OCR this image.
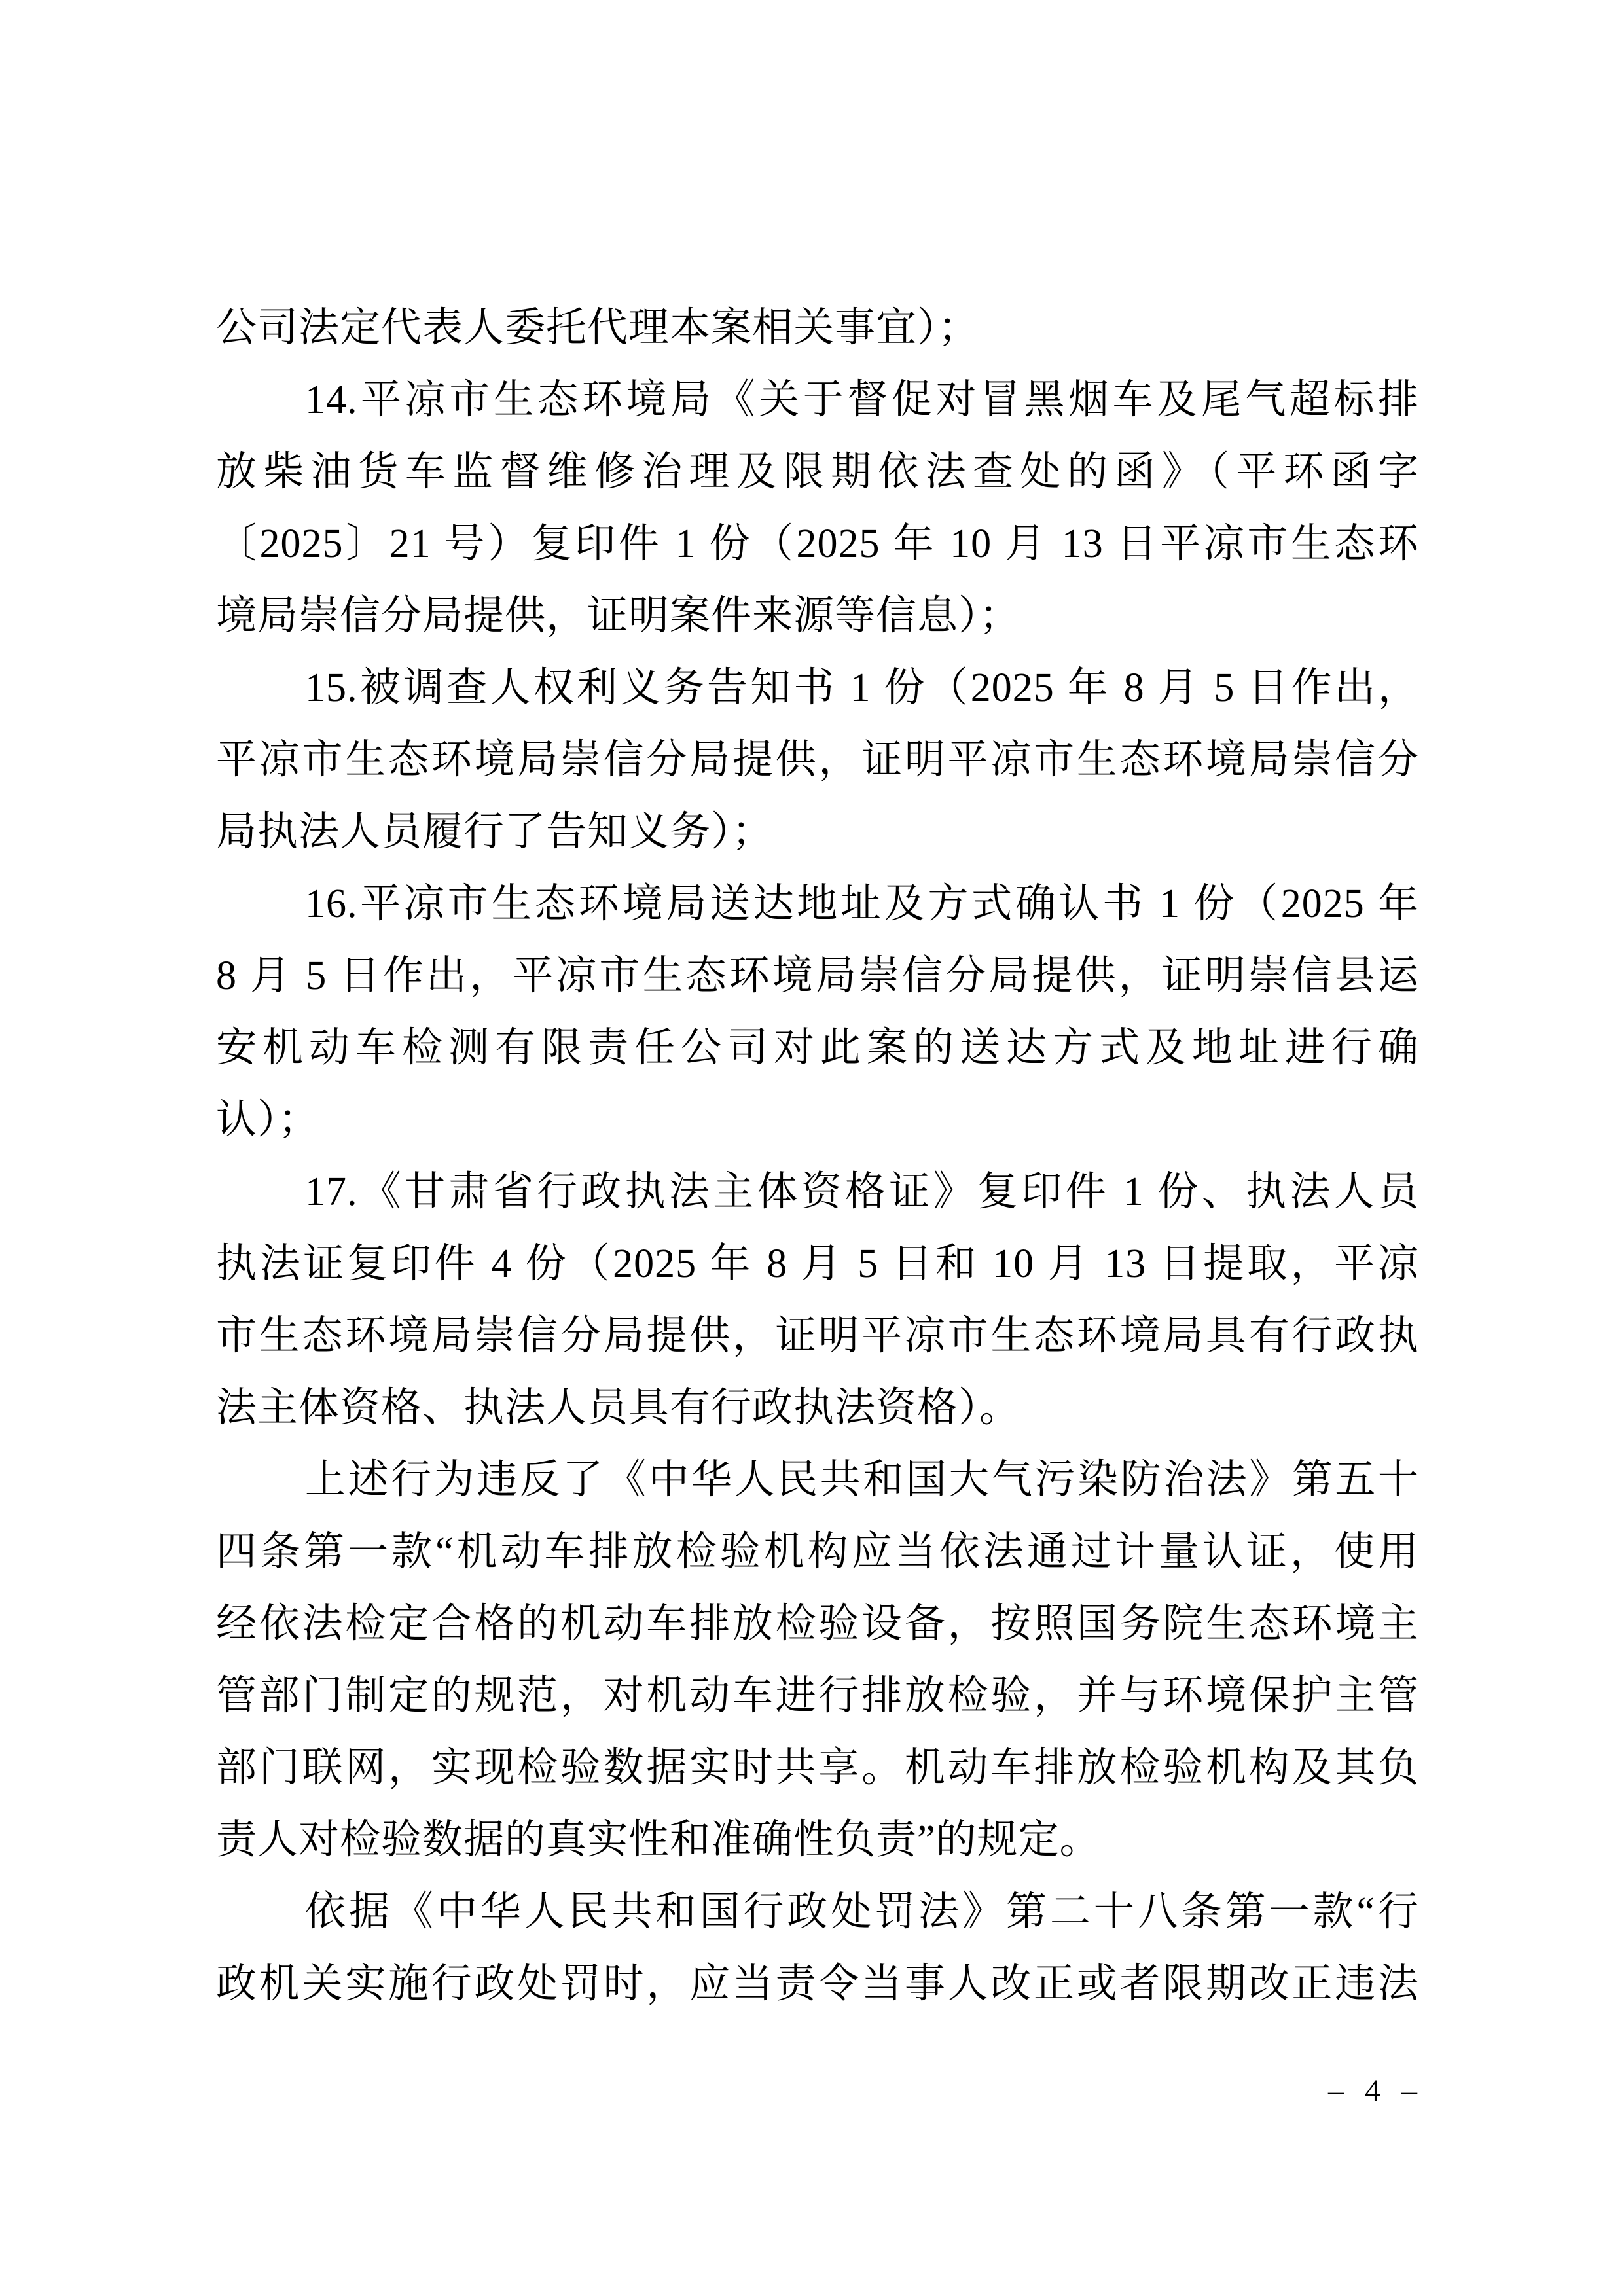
公司法定代表人委托代理本案相关事宜）；
14.平凉市生态环境局《关于督促对冒黑烟车及尾气超标排
放柴油货车监督维修治理及限期依法查处的函》（平环函字
〔2025〕21 号）复印件 1 份（2025 年 10 月 13 日平凉市生态环
境局崇信分局提供，证明案件来源等信息）；
15.被调查人权利义务告知书 1 份（2025 年 8 月 5 日作出，
平凉市生态环境局崇信分局提供，证明平凉市生态环境局崇信分
局执法人员履行了告知义务）；
16.平凉市生态环境局送达地址及方式确认书 1 份（2025 年
8 月 5 日作出，平凉市生态环境局崇信分局提供，证明崇信县运
安机动车检测有限责任公司对此案的送达方式及地址进行确
认）；
17.《甘肃省行政执法主体资格证》复印件 1 份、执法人员
执法证复印件 4 份（2025 年 8 月 5 日和 10 月 13 日提取，平凉
市生态环境局崇信分局提供，证明平凉市生态环境局具有行政执
法主体资格、执法人员具有行政执法资格）。
上述行为违反了《中华人民共和国大气污染防治法》第五十
四条第一款“机动车排放检验机构应当依法通过计量认证，使用
经依法检定合格的机动车排放检验设备，按照国务院生态环境主
管部门制定的规范，对机动车进行排放检验，并与环境保护主管
部门联网，实现检验数据实时共享。机动车排放检验机构及其负
责人对检验数据的真实性和准确性负责”的规定。
依据《中华人民共和国行政处罚法》第二十八条第一款“行
政机关实施行政处罚时，应当责令当事人改正或者限期改正违法
– 4 –
